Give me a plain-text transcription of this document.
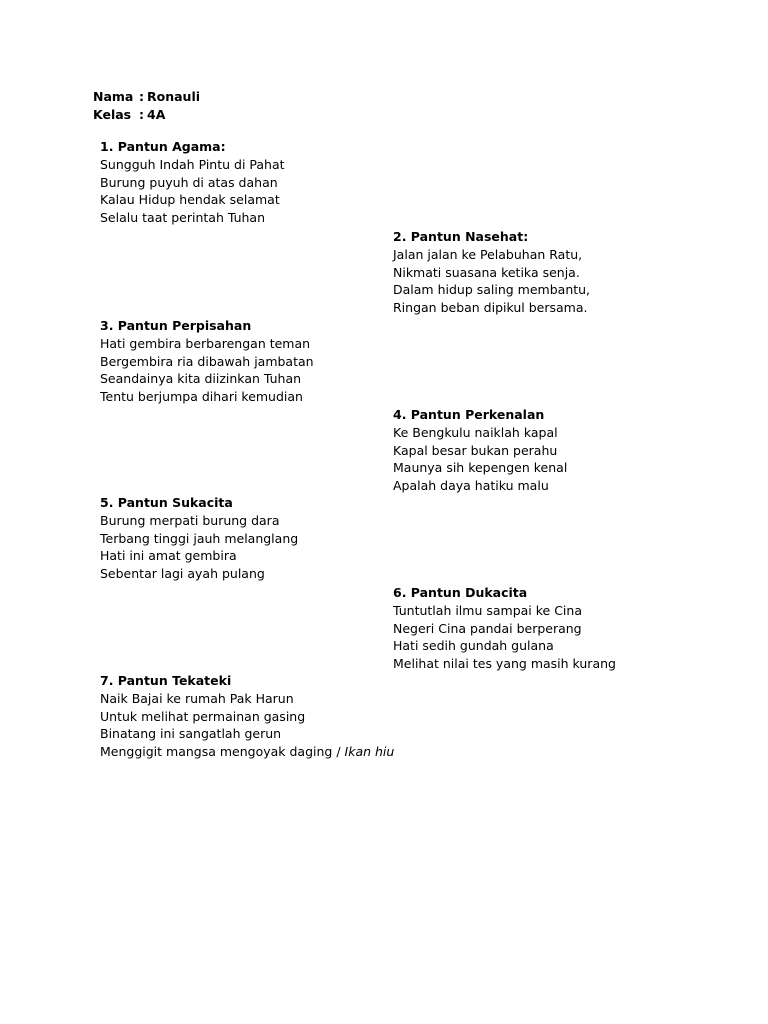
Nama : Ronauli
Kelas : 4A
1. Pantun Agama:
Sungguh Indah Pintu di Pahat
Burung puyuh di atas dahan
Kalau Hidup hendak selamat
Selalu taat perintah Tuhan
2. Pantun Nasehat:
Jalan jalan ke Pelabuhan Ratu,
Nikmati suasana ketika senja.
Dalam hidup saling membantu,
Ringan beban dipikul bersama.
3. Pantun Perpisahan
Hati gembira berbarengan teman
Bergembira ria dibawah jambatan
Seandainya kita diizinkan Tuhan
Tentu berjumpa dihari kemudian
4. Pantun Perkenalan
Ke Bengkulu naiklah kapal
Kapal besar bukan perahu
Maunya sih kepengen kenal
Apalah daya hatiku malu
5. Pantun Sukacita
Burung merpati burung dara
Terbang tinggi jauh melanglang
Hati ini amat gembira
Sebentar lagi ayah pulang
6. Pantun Dukacita
Tuntutlah ilmu sampai ke Cina
Negeri Cina pandai berperang
Hati sedih gundah gulana
Melihat nilai tes yang masih kurang
7. Pantun Tekateki
Naik Bajai ke rumah Pak Harun
Untuk melihat permainan gasing
Binatang ini sangatlah gerun
Menggigit mangsa mengoyak daging / Ikan hiu
